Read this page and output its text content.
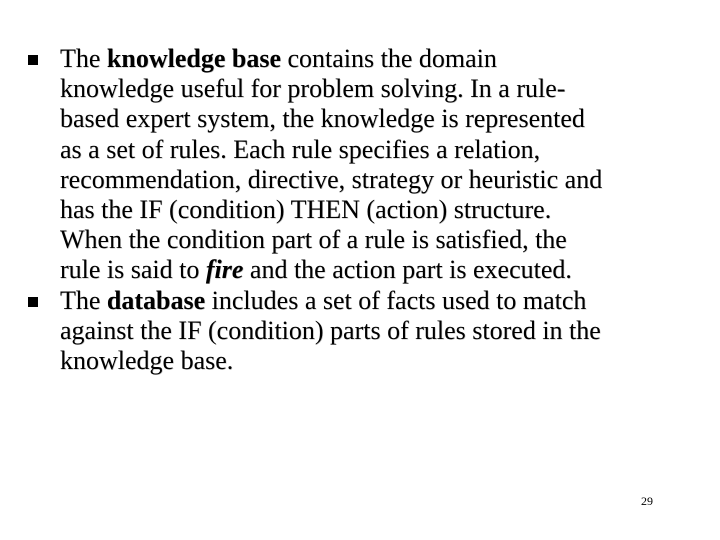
The knowledge base contains the domain
knowledge useful for problem solving. In a rule-
based expert system, the knowledge is represented
as a set of rules. Each rule specifies a relation,
recommendation, directive, strategy or heuristic and
has the IF (condition) THEN (action) structure.
When the condition part of a rule is satisfied, the
rule is said to fire and the action part is executed.
The database includes a set of facts used to match
against the IF (condition) parts of rules stored in the
knowledge base.
29
